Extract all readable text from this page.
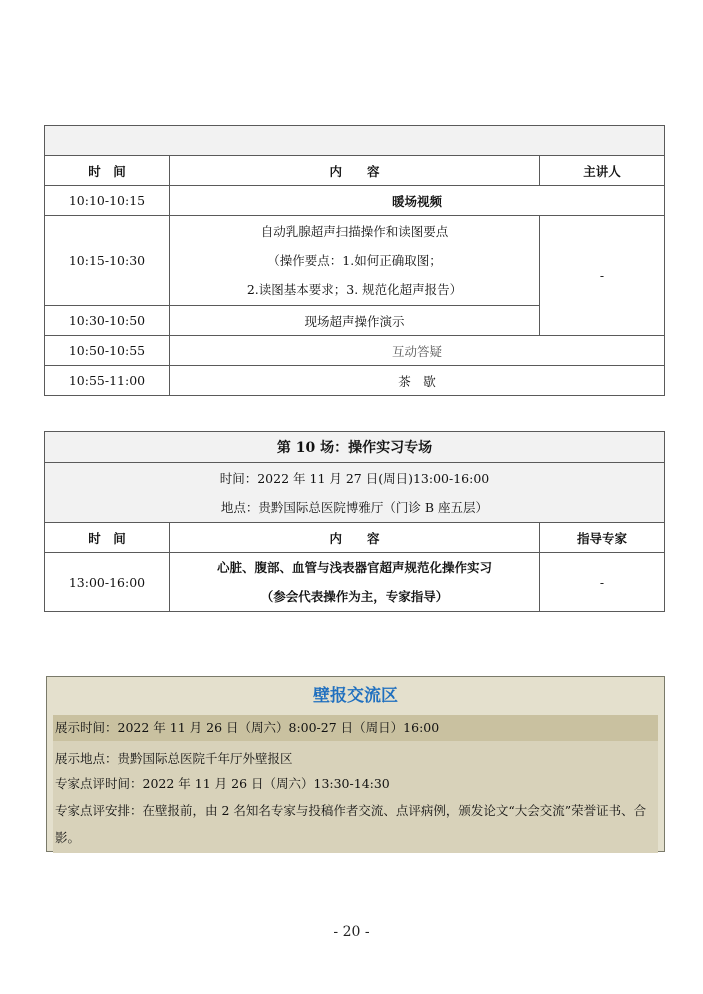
时　间	内　　容	主讲人
10:10-10:15	暖场视频	
10:15-10:30	自动乳腺超声扫描操作和读图要点
（操作要点：1.如何正确取图；
2.读图基本要求；3. 规范化超声报告）	-
10:30-10:50	现场超声操作演示	
10:50-10:55	互动答疑	
10:55-11:00	茶　歇	
第 10 场：操作实习专场		
时间：2022 年 11 月 27 日(周日)13:00-16:00		
地点：贵黔国际总医院博雅厅（门诊 B 座五层）		
时　间	内　　容	指导专家
13:00-16:00	心脏、腹部、血管与浅表器官超声规范化操作实习
（参会代表操作为主，专家指导）	-
壁报交流区
展示时间：2022 年 11 月 26 日（周六）8:00-27 日（周日）16:00
展示地点：贵黔国际总医院千年厅外壁报区
专家点评时间：2022 年 11 月 26 日（周六）13:30-14:30
专家点评安排：在壁报前，由 2 名知名专家与投稿作者交流、点评病例，颁发论文“大会交流”荣誉证书、合影。
- 20 -
